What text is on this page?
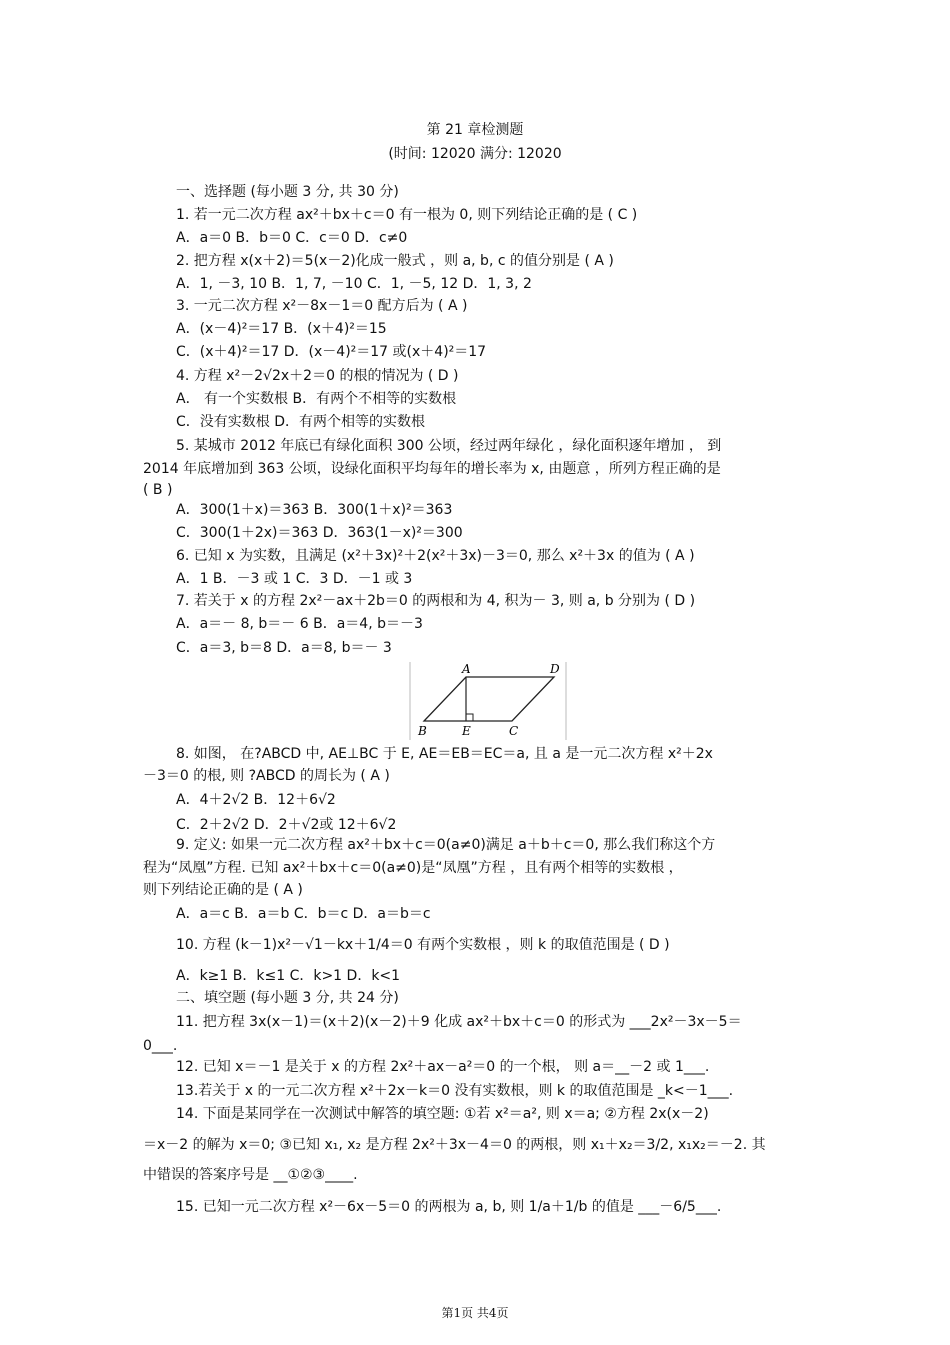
第 21 章检测题
(时间: 12020 满分: 12020
一、选择题 (每小题 3 分, 共 30 分)
1. 若一元二次方程 ax²＋bx＋c＝0 有一根为 0, 则下列结论正确的是 ( C )
A．a＝0 B．b＝0 C．c＝0 D．c≠0
2. 把方程 x(x＋2)＝5(x－2)化成一般式 ，则 a, b, c 的值分别是 ( A )
A．1, －3, 10 B．1, 7, －10 C．1, －5, 12 D．1, 3, 2
3. 一元二次方程 x²－8x－1＝0 配方后为 ( A )
A．(x－4)²＝17 B．(x＋4)²＝15
C．(x＋4)²＝17 D．(x－4)²＝17 或(x＋4)²＝17
4. 方程 x²－2√2x＋2＝0 的根的情况为 ( D )
A． 有一个实数根 B．有两个不相等的实数根
C．没有实数根 D．有两个相等的实数根
5. 某城市 2012 年底已有绿化面积 300 公顷，经过两年绿化 ，绿化面积逐年增加 ， 到
2014 年底增加到 363 公顷，设绿化面积平均每年的增长率为 x, 由题意 ，所列方程正确的是
( B )
A．300(1＋x)＝363 B．300(1＋x)²＝363
C．300(1＋2x)＝363 D．363(1－x)²＝300
6. 已知 x 为实数，且满足 (x²＋3x)²＋2(x²＋3x)－3＝0, 那么 x²＋3x 的值为 ( A )
A．1 B．－3 或 1 C．3 D．－1 或 3
7. 若关于 x 的方程 2x²－ax＋2b＝0 的两根和为 4, 积为－ 3, 则 a, b 分别为 ( D )
A．a＝－ 8, b＝－ 6 B．a＝4, b＝－3
C．a＝3, b＝8 D．a＝8, b＝－ 3
A	D
B	E	C
8. 如图， 在?ABCD 中, AE⊥BC 于 E, AE＝EB＝EC＝a, 且 a 是一元二次方程 x²＋2x
－3＝0 的根, 则 ?ABCD 的周长为 ( A )
A．4＋2√2 B．12＋6√2
C．2＋2√2 D．2＋√2或 12＋6√2
9. 定义: 如果一元二次方程 ax²＋bx＋c＝0(a≠0)满足 a＋b＋c＝0, 那么我们称这个方
程为“凤凰”方程. 已知 ax²＋bx＋c＝0(a≠0)是“凤凰”方程 ，且有两个相等的实数根 ，
则下列结论正确的是 ( A )
A．a＝c B．a＝b C．b＝c D．a＝b＝c
10. 方程 (k－1)x²－√1－kx＋1/4＝0 有两个实数根 ，则 k 的取值范围是 ( D )
A．k≥1 B．k≤1 C．k>1 D．k<1
二、填空题 (每小题 3 分, 共 24 分)
11. 把方程 3x(x－1)＝(x＋2)(x－2)＋9 化成 ax²＋bx＋c＝0 的形式为 ___2x²－3x－5＝
0___.
12. 已知 x＝－1 是关于 x 的方程 2x²＋ax－a²＝0 的一个根， 则 a＝__－2 或 1___.
13.若关于 x 的一元二次方程 x²＋2x－k＝0 没有实数根，则 k 的取值范围是 _k<－1___.
14. 下面是某同学在一次测试中解答的填空题: ①若 x²＝a², 则 x＝a; ②方程 2x(x－2)
＝x－2 的解为 x＝0; ③已知 x₁, x₂ 是方程 2x²＋3x－4＝0 的两根，则 x₁＋x₂＝3/2, x₁x₂＝－2. 其
中错误的答案序号是 __①②③____.
15. 已知一元二次方程 x²－6x－5＝0 的两根为 a, b, 则 1/a＋1/b 的值是 ___－6/5___.
第1页 共4页
